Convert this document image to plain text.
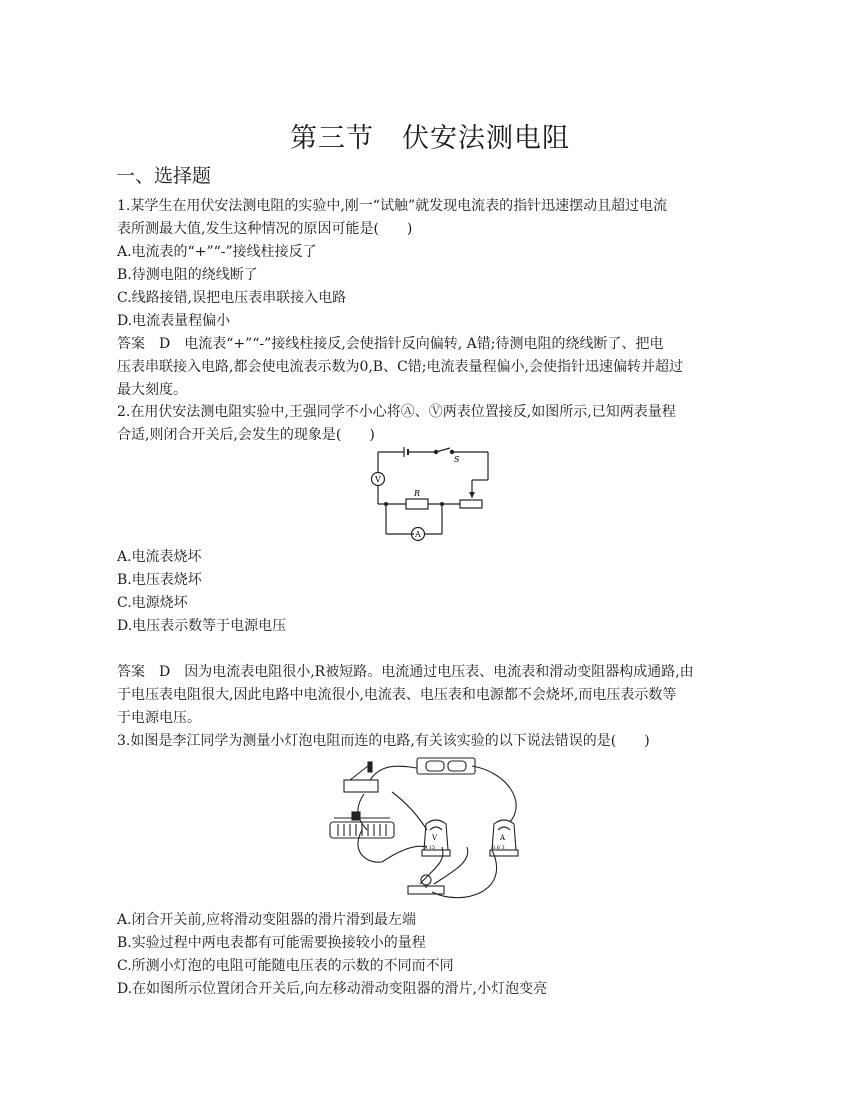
第三节　伏安法测电阻
一、选择题
1.某学生在用伏安法测电阻的实验中,刚一“试触”就发现电流表的指针迅速摆动且超过电流
表所测最大值,发生这种情况的原因可能是(　　)
A.电流表的“+”“-”接线柱接反了
B.待测电阻的绕线断了
C.线路接错,误把电压表串联接入电路
D.电流表量程偏小
答案　D　电流表“+”“-”接线柱接反,会使指针反向偏转, A错;待测电阻的绕线断了、把电
压表串联接入电路,都会使电流表示数为0,B、C错;电流表量程偏小,会使指针迅速偏转并超过
最大刻度。
2.在用伏安法测电阻实验中,王强同学不小心将Ⓐ、Ⓥ两表位置接反,如图所示,已知两表量程
合适,则闭合开关后,会发生的现象是(　　)
S
R
V
A
A.电流表烧坏
B.电压表烧坏
C.电源烧坏
D.电压表示数等于电源电压
答案　D　因为电流表电阻很小,R被短路。电流通过电压表、电流表和滑动变阻器构成通路,由
于电压表电阻很大,因此电路中电流很小,电流表、电压表和电源都不会烧坏,而电压表示数等
于电源电压。
3.如图是李江同学为测量小灯泡电阻而连的电路,有关该实验的以下说法错误的是(　　)
V	A
3 15	0.6 3
A.闭合开关前,应将滑动变阻器的滑片滑到最左端
B.实验过程中两电表都有可能需要换接较小的量程
C.所测小灯泡的电阻可能随电压表的示数的不同而不同
D.在如图所示位置闭合开关后,向左移动滑动变阻器的滑片,小灯泡变亮
